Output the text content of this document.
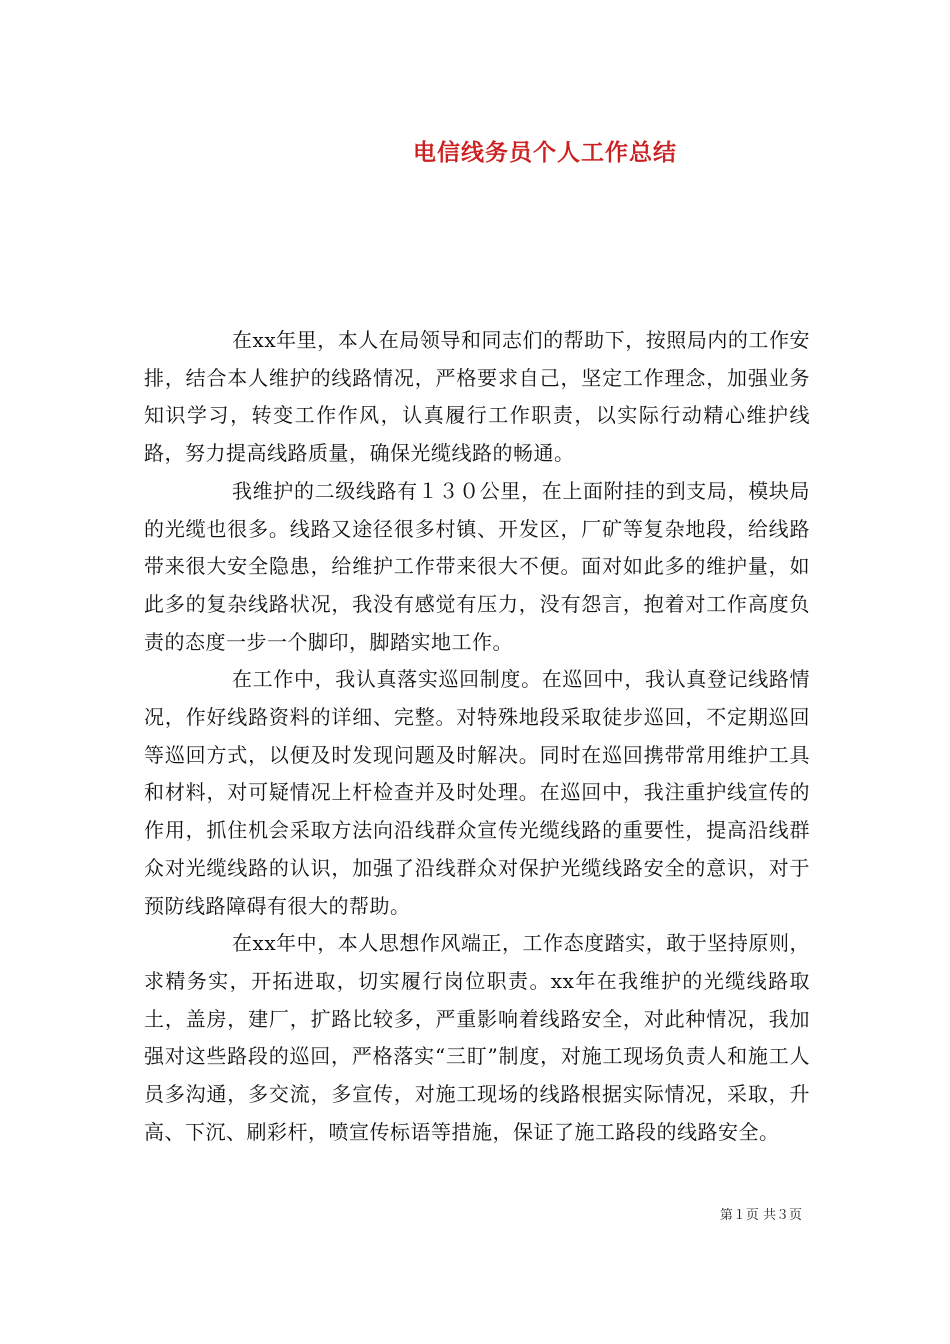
电信线务员个人工作总结

在xx年里，本人在局领导和同志们的帮助下，按照局内的工作安排，结合本人维护的线路情况，严格要求自己，坚定工作理念，加强业务知识学习，转变工作作风，认真履行工作职责，以实际行动精心维护线路，努力提高线路质量，确保光缆线路的畅通。

我维护的二级线路有１３０公里，在上面附挂的到支局，模块局的光缆也很多。线路又途径很多村镇、开发区，厂矿等复杂地段，给线路带来很大安全隐患，给维护工作带来很大不便。面对如此多的维护量，如此多的复杂线路状况，我没有感觉有压力，没有怨言，抱着对工作高度负责的态度一步一个脚印，脚踏实地工作。

在工作中，我认真落实巡回制度。在巡回中，我认真登记线路情况，作好线路资料的详细、完整。对特殊地段采取徒步巡回，不定期巡回等巡回方式，以便及时发现问题及时解决。同时在巡回携带常用维护工具和材料，对可疑情况上杆检查并及时处理。在巡回中，我注重护线宣传的作用，抓住机会采取方法向沿线群众宣传光缆线路的重要性，提高沿线群众对光缆线路的认识，加强了沿线群众对保护光缆线路安全的意识，对于预防线路障碍有很大的帮助。

在xx年中，本人思想作风端正，工作态度踏实，敢于坚持原则，求精务实，开拓进取，切实履行岗位职责。xx年在我维护的光缆线路取土，盖房，建厂，扩路比较多，严重影响着线路安全，对此种情况，我加强对这些路段的巡回，严格落实“三盯”制度，对施工现场负责人和施工人员多沟通，多交流，多宣传，对施工现场的线路根据实际情况，采取，升高、下沉、刷彩杆，喷宣传标语等措施，保证了施工路段的线路安全。

第１页 共３页
